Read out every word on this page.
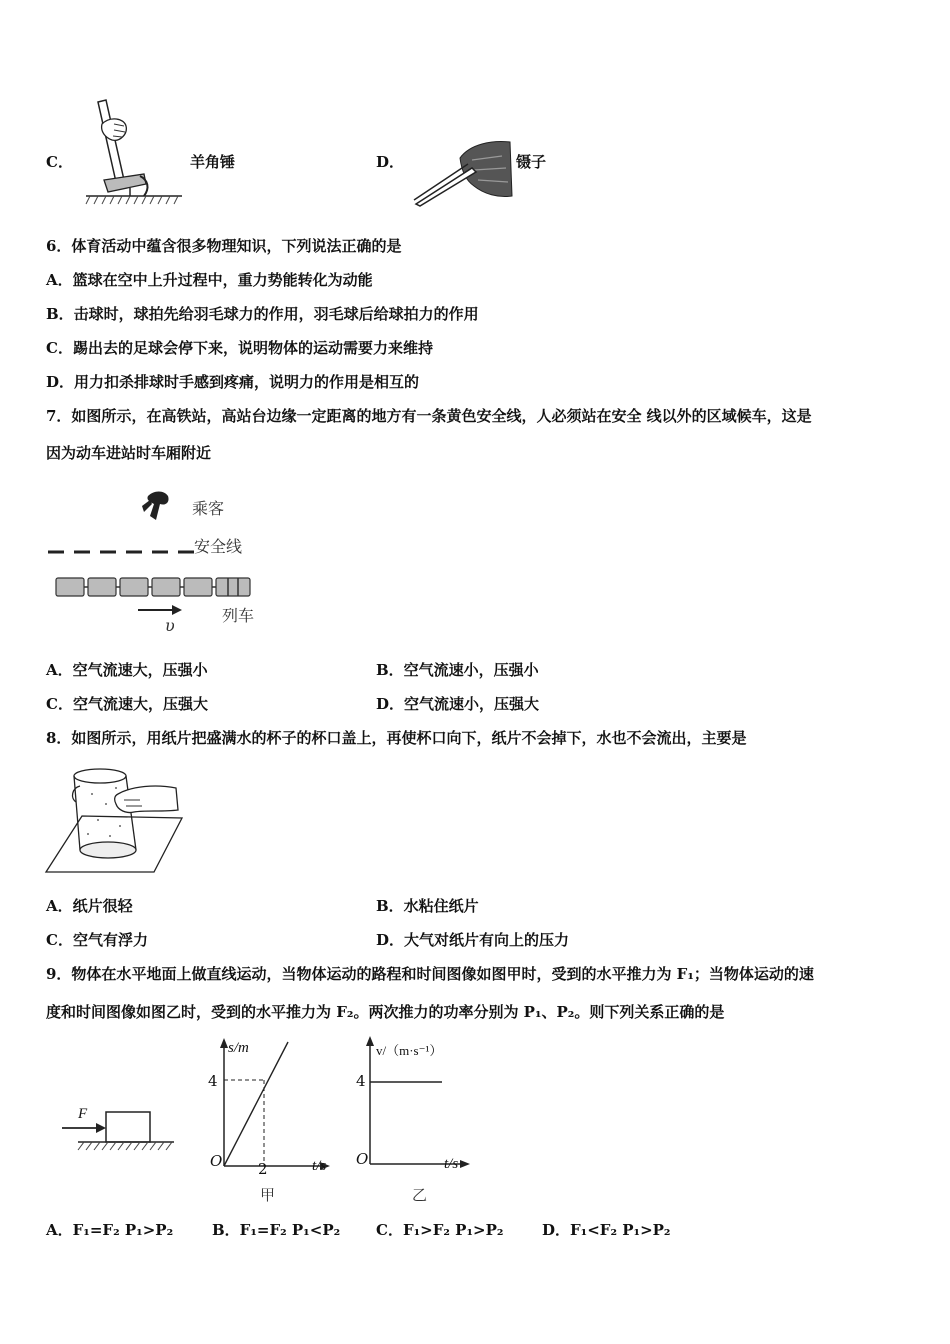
C．	羊角锤	D．	镊子
6．体育活动中蕴含很多物理知识，下列说法正确的是
A．篮球在空中上升过程中，重力势能转化为动能
B．击球时，球拍先给羽毛球力的作用，羽毛球后给球拍力的作用
C．踢出去的足球会停下来，说明物体的运动需要力来维持
D．用力扣杀排球时手感到疼痛，说明力的作用是相互的
7．如图所示，在高铁站，高站台边缘一定距离的地方有一条黄色安全线，人必须站在安全 线以外的区域候车，这是
因为动车进站时车厢附近
乘客
安全线
列车
υ
A．空气流速大，压强小	B．空气流速小，压强小
C．空气流速大，压强大	D．空气流速小，压强大
8．如图所示，用纸片把盛满水的杯子的杯口盖上，再使杯口向下，纸片不会掉下，水也不会流出，主要是
A．纸片很轻	B．水粘住纸片
C．空气有浮力	D．大气对纸片有向上的压力
9．物体在水平地面上做直线运动，当物体运动的路程和时间图像如图甲时，受到的水平推力为 F₁；当物体运动的速
度和时间图像如图乙时，受到的水平推力为 F₂。两次推力的功率分别为 P₁、P₂。则下列关系正确的是
F
s/m
4
2
O	t/s
甲
v/（m·s⁻¹）
4
O	t/s
乙
A．F₁=F₂ P₁>P₂	B．F₁=F₂ P₁<P₂ C．F₁>F₂ P₁>P₂	D．F₁<F₂ P₁>P₂
